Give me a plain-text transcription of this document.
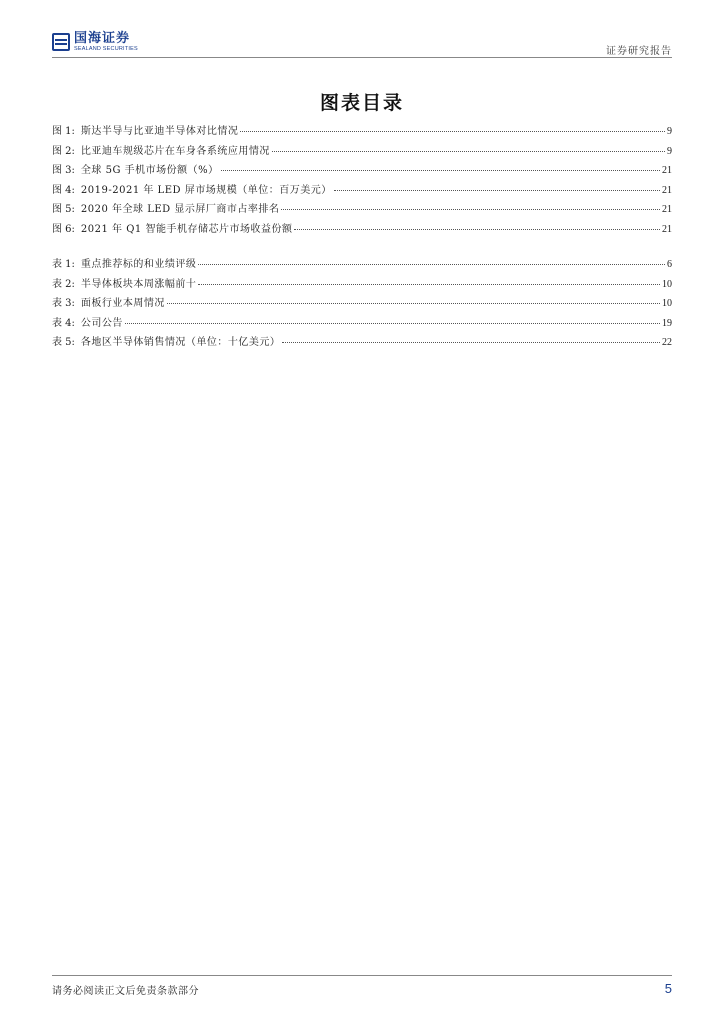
国海证券
SEALAND SECURITIES	证券研究报告
图表目录
图 1: 斯达半导与比亚迪半导体对比情况	9
图 2: 比亚迪车规级芯片在车身各系统应用情况	9
图 3: 全球 5G 手机市场份额（%）	21
图 4: 2019-2021 年 LED 屏市场规模（单位：百万美元）	21
图 5: 2020 年全球 LED 显示屏厂商市占率排名	21
图 6: 2021 年 Q1 智能手机存储芯片市场收益份额	21
表 1: 重点推荐标的和业绩评级	6
表 2: 半导体板块本周涨幅前十	10
表 3: 面板行业本周情况	10
表 4: 公司公告	19
表 5: 各地区半导体销售情况（单位：十亿美元）	22
请务必阅读正文后免责条款部分	5
